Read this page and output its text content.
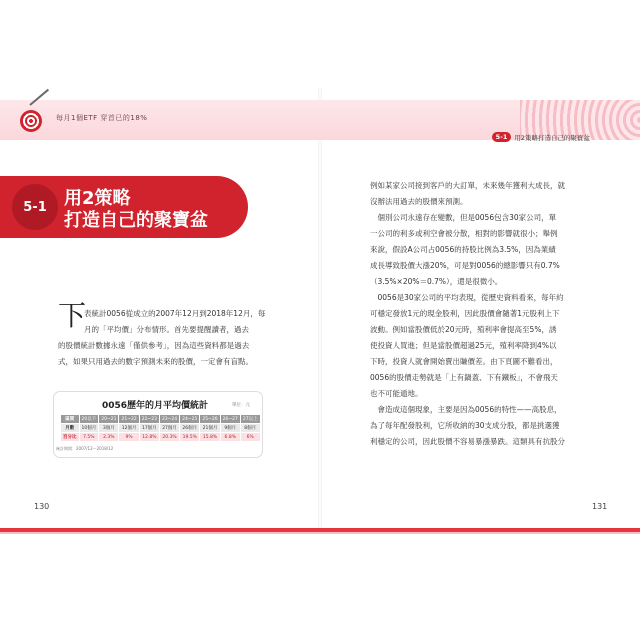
每月1個ETF 穿首已的18%
5-1	用2策略打造自己的聚寶盆
5-1 用2策略
打造自己的聚寶盆
下
表統計0056從成立的2007年12月到2018年12月，每
月的「平均價」分布情形。首先要提醒讀者，過去
的股價統計數據永遠「僅供參考」，因為這些資料都是過去
式，如果只用過去的數字預測未來的股價，一定會有盲點。
0056歷年的月平均價統計	單位：元
區間	20以下	20~21	21~22	22~23	23~24	24~25	25~26	26~27	27以上
月數	10個月	3個月	12個月	17個月	27個月	26個月	21個月	9個月	8個月
百分比	7.5%	2.3%	9%	12.8%	20.3%	19.5%	15.8%	6.8%	6%
統計期間：2007/12～2018/12
例如某家公司接到客戶的大訂單，未來幾年獲利大成長，就
沒辦法用過去的股價來預測。
　個別公司永遠存在變數，但是0056包含30家公司，單
一公司的利多或利空會被分散，相對的影響就很小；舉例
來說，假設A公司占0056的持股比例為3.5%，因為業績
成長導致股價大漲20%，可是對0056的總影響只有0.7%
（3.5%×20%＝0.7%），還是很微小。
　0056是30家公司的平均表現，從歷史資料看來，每年約
可穩定發放1元的現金股利，因此股價會隨著1元股利上下
波動。例如當股價低於20元時，殖利率會提高至5%，誘
使投資人買進；但是當股價超過25元，殖利率降到4%以
下時，投資人就會開始賣出賺價差。由下頁圖不難看出，
0056的股價走勢就是「上有鍋蓋、下有鐵板」，不會飛天
也不可能遁地。
　會造成這個現象，主要是因為0056的特性——高股息，
為了每年配發股利，它所收納的30支成分股，都是挑選獲
利穩定的公司，因此股價不容易暴漲暴跌。這類具有抗股分
130	131
